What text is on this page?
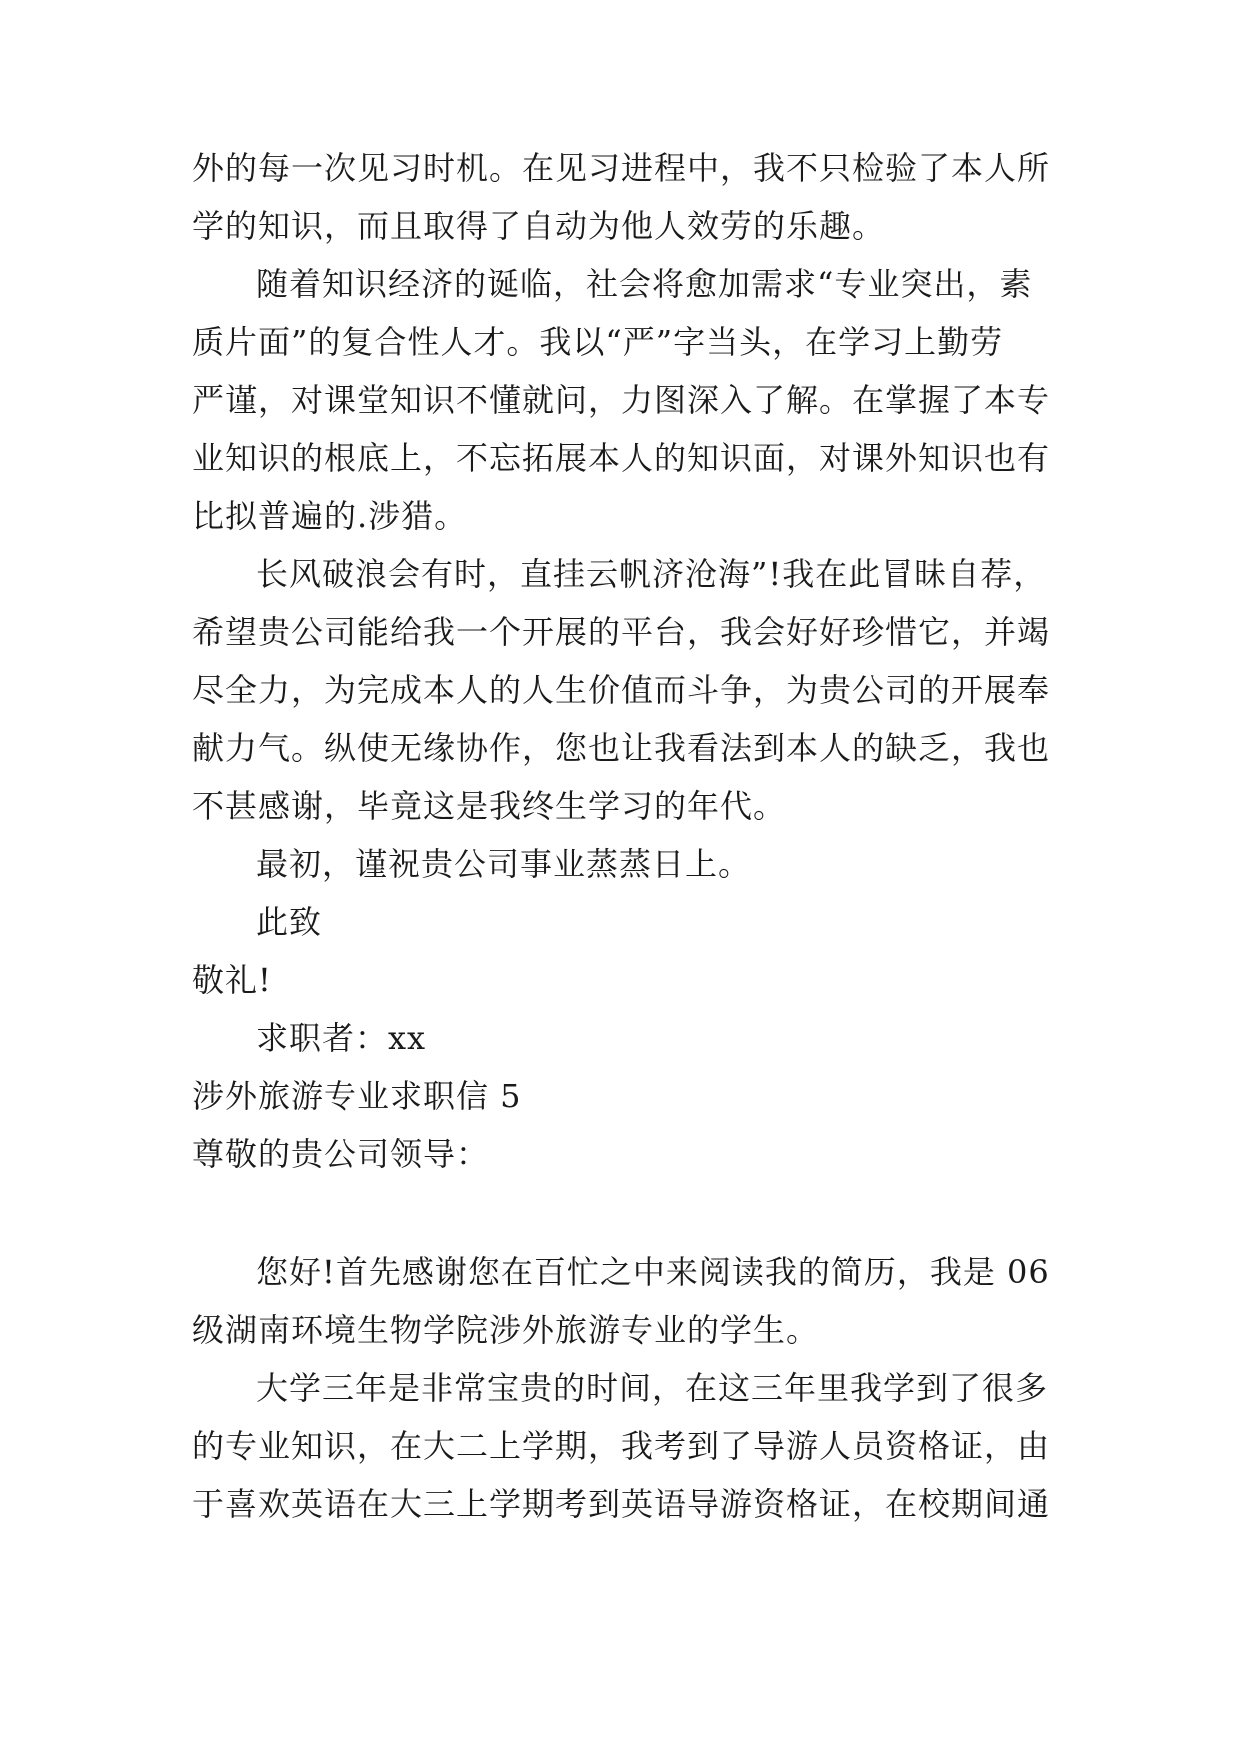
外的每一次见习时机。在见习进程中，我不只检验了本人所
学的知识，而且取得了自动为他人效劳的乐趣。
随着知识经济的诞临，社会将愈加需求“专业突出，素
质片面”的复合性人才。我以“严”字当头，在学习上勤劳
严谨，对课堂知识不懂就问，力图深入了解。在掌握了本专
业知识的根底上，不忘拓展本人的知识面，对课外知识也有
比拟普遍的.涉猎。
长风破浪会有时，直挂云帆济沧海”!我在此冒昧自荐，
希望贵公司能给我一个开展的平台，我会好好珍惜它，并竭
尽全力，为完成本人的人生价值而斗争，为贵公司的开展奉
献力气。纵使无缘协作，您也让我看法到本人的缺乏，我也
不甚感谢，毕竟这是我终生学习的年代。
最初，谨祝贵公司事业蒸蒸日上。
此致
敬礼!
求职者：xx
涉外旅游专业求职信 5
尊敬的贵公司领导：
您好!首先感谢您在百忙之中来阅读我的简历，我是 06
级湖南环境生物学院涉外旅游专业的学生。
大学三年是非常宝贵的时间，在这三年里我学到了很多
的专业知识，在大二上学期，我考到了导游人员资格证，由
于喜欢英语在大三上学期考到英语导游资格证，在校期间通
